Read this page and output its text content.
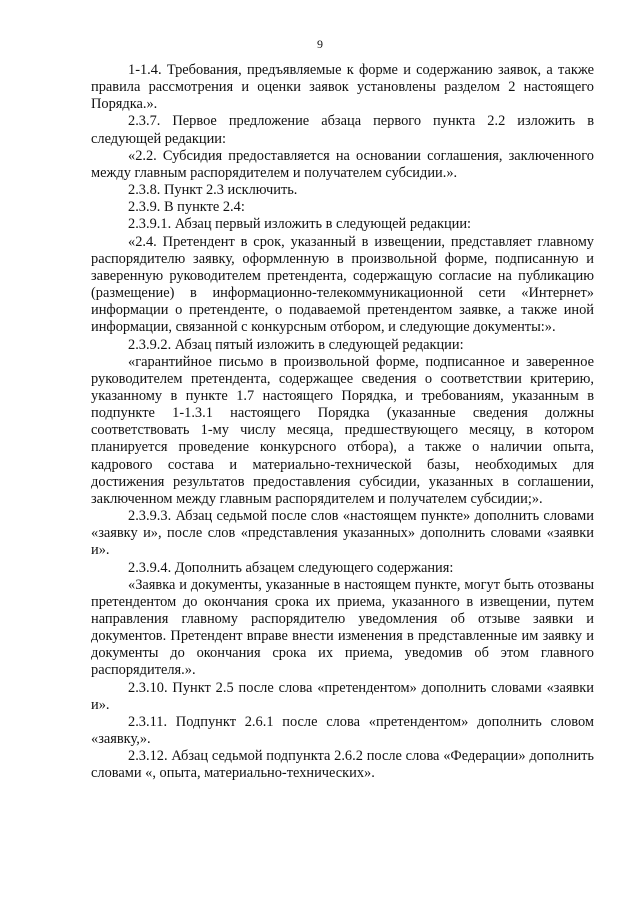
9

1-1.4. Требования, предъявляемые к форме и содержанию заявок, а также правила рассмотрения и оценки заявок установлены разделом 2 настоящего Порядка.».

2.3.7. Первое предложение абзаца первого пункта 2.2 изложить в следующей редакции:

«2.2. Субсидия предоставляется на основании соглашения, заключенного между главным распорядителем и получателем субсидии.».

2.3.8. Пункт 2.3 исключить.

2.3.9. В пункте 2.4:

2.3.9.1. Абзац первый изложить в следующей редакции:

«2.4. Претендент в срок, указанный в извещении, представляет главному распорядителю заявку, оформленную в произвольной форме, подписанную и заверенную руководителем претендента, содержащую согласие на публикацию (размещение) в информационно-телекоммуникационной сети «Интернет» информации о претенденте, о подаваемой претендентом заявке, а также иной информации, связанной с конкурсным отбором, и следующие документы:».

2.3.9.2. Абзац пятый изложить в следующей редакции:

«гарантийное письмо в произвольной форме, подписанное и заверенное руководителем претендента, содержащее сведения о соответствии критерию, указанному в пункте 1.7 настоящего Порядка, и требованиям, указанным в подпункте 1-1.3.1 настоящего Порядка (указанные сведения должны соответствовать 1-му числу месяца, предшествующего месяцу, в котором планируется проведение конкурсного отбора), а также о наличии опыта, кадрового состава и материально-технической базы, необходимых для достижения результатов предоставления субсидии, указанных в соглашении, заключенном между главным распорядителем и получателем субсидии;».

2.3.9.3. Абзац седьмой после слов «настоящем пункте» дополнить словами «заявку и», после слов «представления указанных» дополнить словами «заявки и».

2.3.9.4. Дополнить абзацем следующего содержания:

«Заявка и документы, указанные в настоящем пункте, могут быть отозваны претендентом до окончания срока их приема, указанного в извещении, путем направления главному распорядителю уведомления об отзыве заявки и документов. Претендент вправе внести изменения в представленные им заявку и документы до окончания срока их приема, уведомив об этом главного распорядителя.».

2.3.10. Пункт 2.5 после слова «претендентом» дополнить словами «заявки и».

2.3.11. Подпункт 2.6.1 после слова «претендентом» дополнить словом «заявку,».

2.3.12. Абзац седьмой подпункта 2.6.2 после слова «Федерации» дополнить словами «, опыта, материально-технических».
